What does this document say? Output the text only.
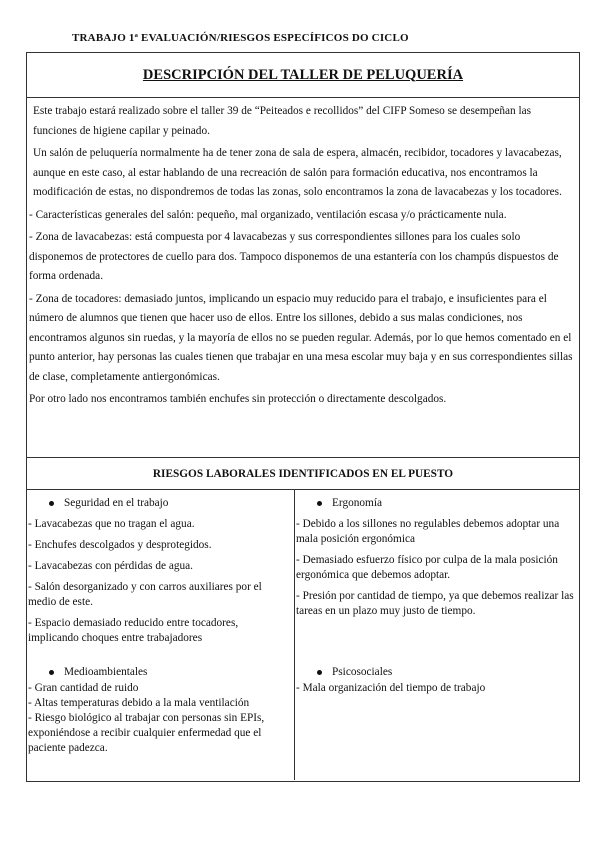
TRABAJO 1ª EVALUACIÓN/RIESGOS ESPECÍFICOS DO CICLO
DESCRIPCIÓN DEL TALLER DE PELUQUERÍA

Este trabajo estará realizado sobre el taller 39 de “Peiteados e recollidos” del CIFP Someso se desempeñan las funciones de higiene capilar y peinado.

Un salón de peluquería normalmente ha de tener zona de sala de espera, almacén, recibidor, tocadores y lavacabezas, aunque en este caso, al estar hablando de una recreación de salón para formación educativa, nos encontramos la modificación de estas, no dispondremos de todas las zonas, solo encontramos la zona de lavacabezas y los tocadores.

- Características generales del salón: pequeño, mal organizado, ventilación escasa y/o prácticamente nula.

- Zona de lavacabezas: está compuesta por 4 lavacabezas y sus correspondientes sillones para los cuales solo disponemos de protectores de cuello para dos. Tampoco disponemos de una estantería con los champús dispuestos de forma ordenada.

- Zona de tocadores: demasiado juntos, implicando un espacio muy reducido para el trabajo, e insuficientes para el número de alumnos que tienen que hacer uso de ellos. Entre los sillones, debido a sus malas condiciones, nos encontramos algunos sin ruedas, y la mayoría de ellos no se pueden regular. Además, por lo que hemos comentado en el punto anterior, hay personas las cuales tienen que trabajar en una mesa escolar muy baja y en sus correspondientes sillas de clase, completamente antiergonómicas.

Por otro lado nos encontramos también enchufes sin protección o directamente descolgados.

RIESGOS LABORALES IDENTIFICADOS EN EL PUESTO
Seguridad en el trabajo
- Lavacabezas que no tragan el agua.
- Enchufes descolgados y desprotegidos.
- Lavacabezas con pérdidas de agua.
- Salón desorganizado y con carros auxiliares por el medio de este.
- Espacio demasiado reducido entre tocadores, implicando choques entre trabajadores
Medioambientales
- Gran cantidad de ruido
- Altas temperaturas debido a la mala ventilación
- Riesgo biológico al trabajar con personas sin EPIs, exponiéndose a recibir cualquier enfermedad que el paciente padezca.
Ergonomía
- Debido a los sillones no regulables debemos adoptar una mala posición ergonómica
- Demasiado esfuerzo físico por culpa de la mala posición ergonómica que debemos adoptar.
- Presión por cantidad de tiempo, ya que debemos realizar las tareas en un plazo muy justo de tiempo.
Psicosociales
- Mala organización del tiempo de trabajo
